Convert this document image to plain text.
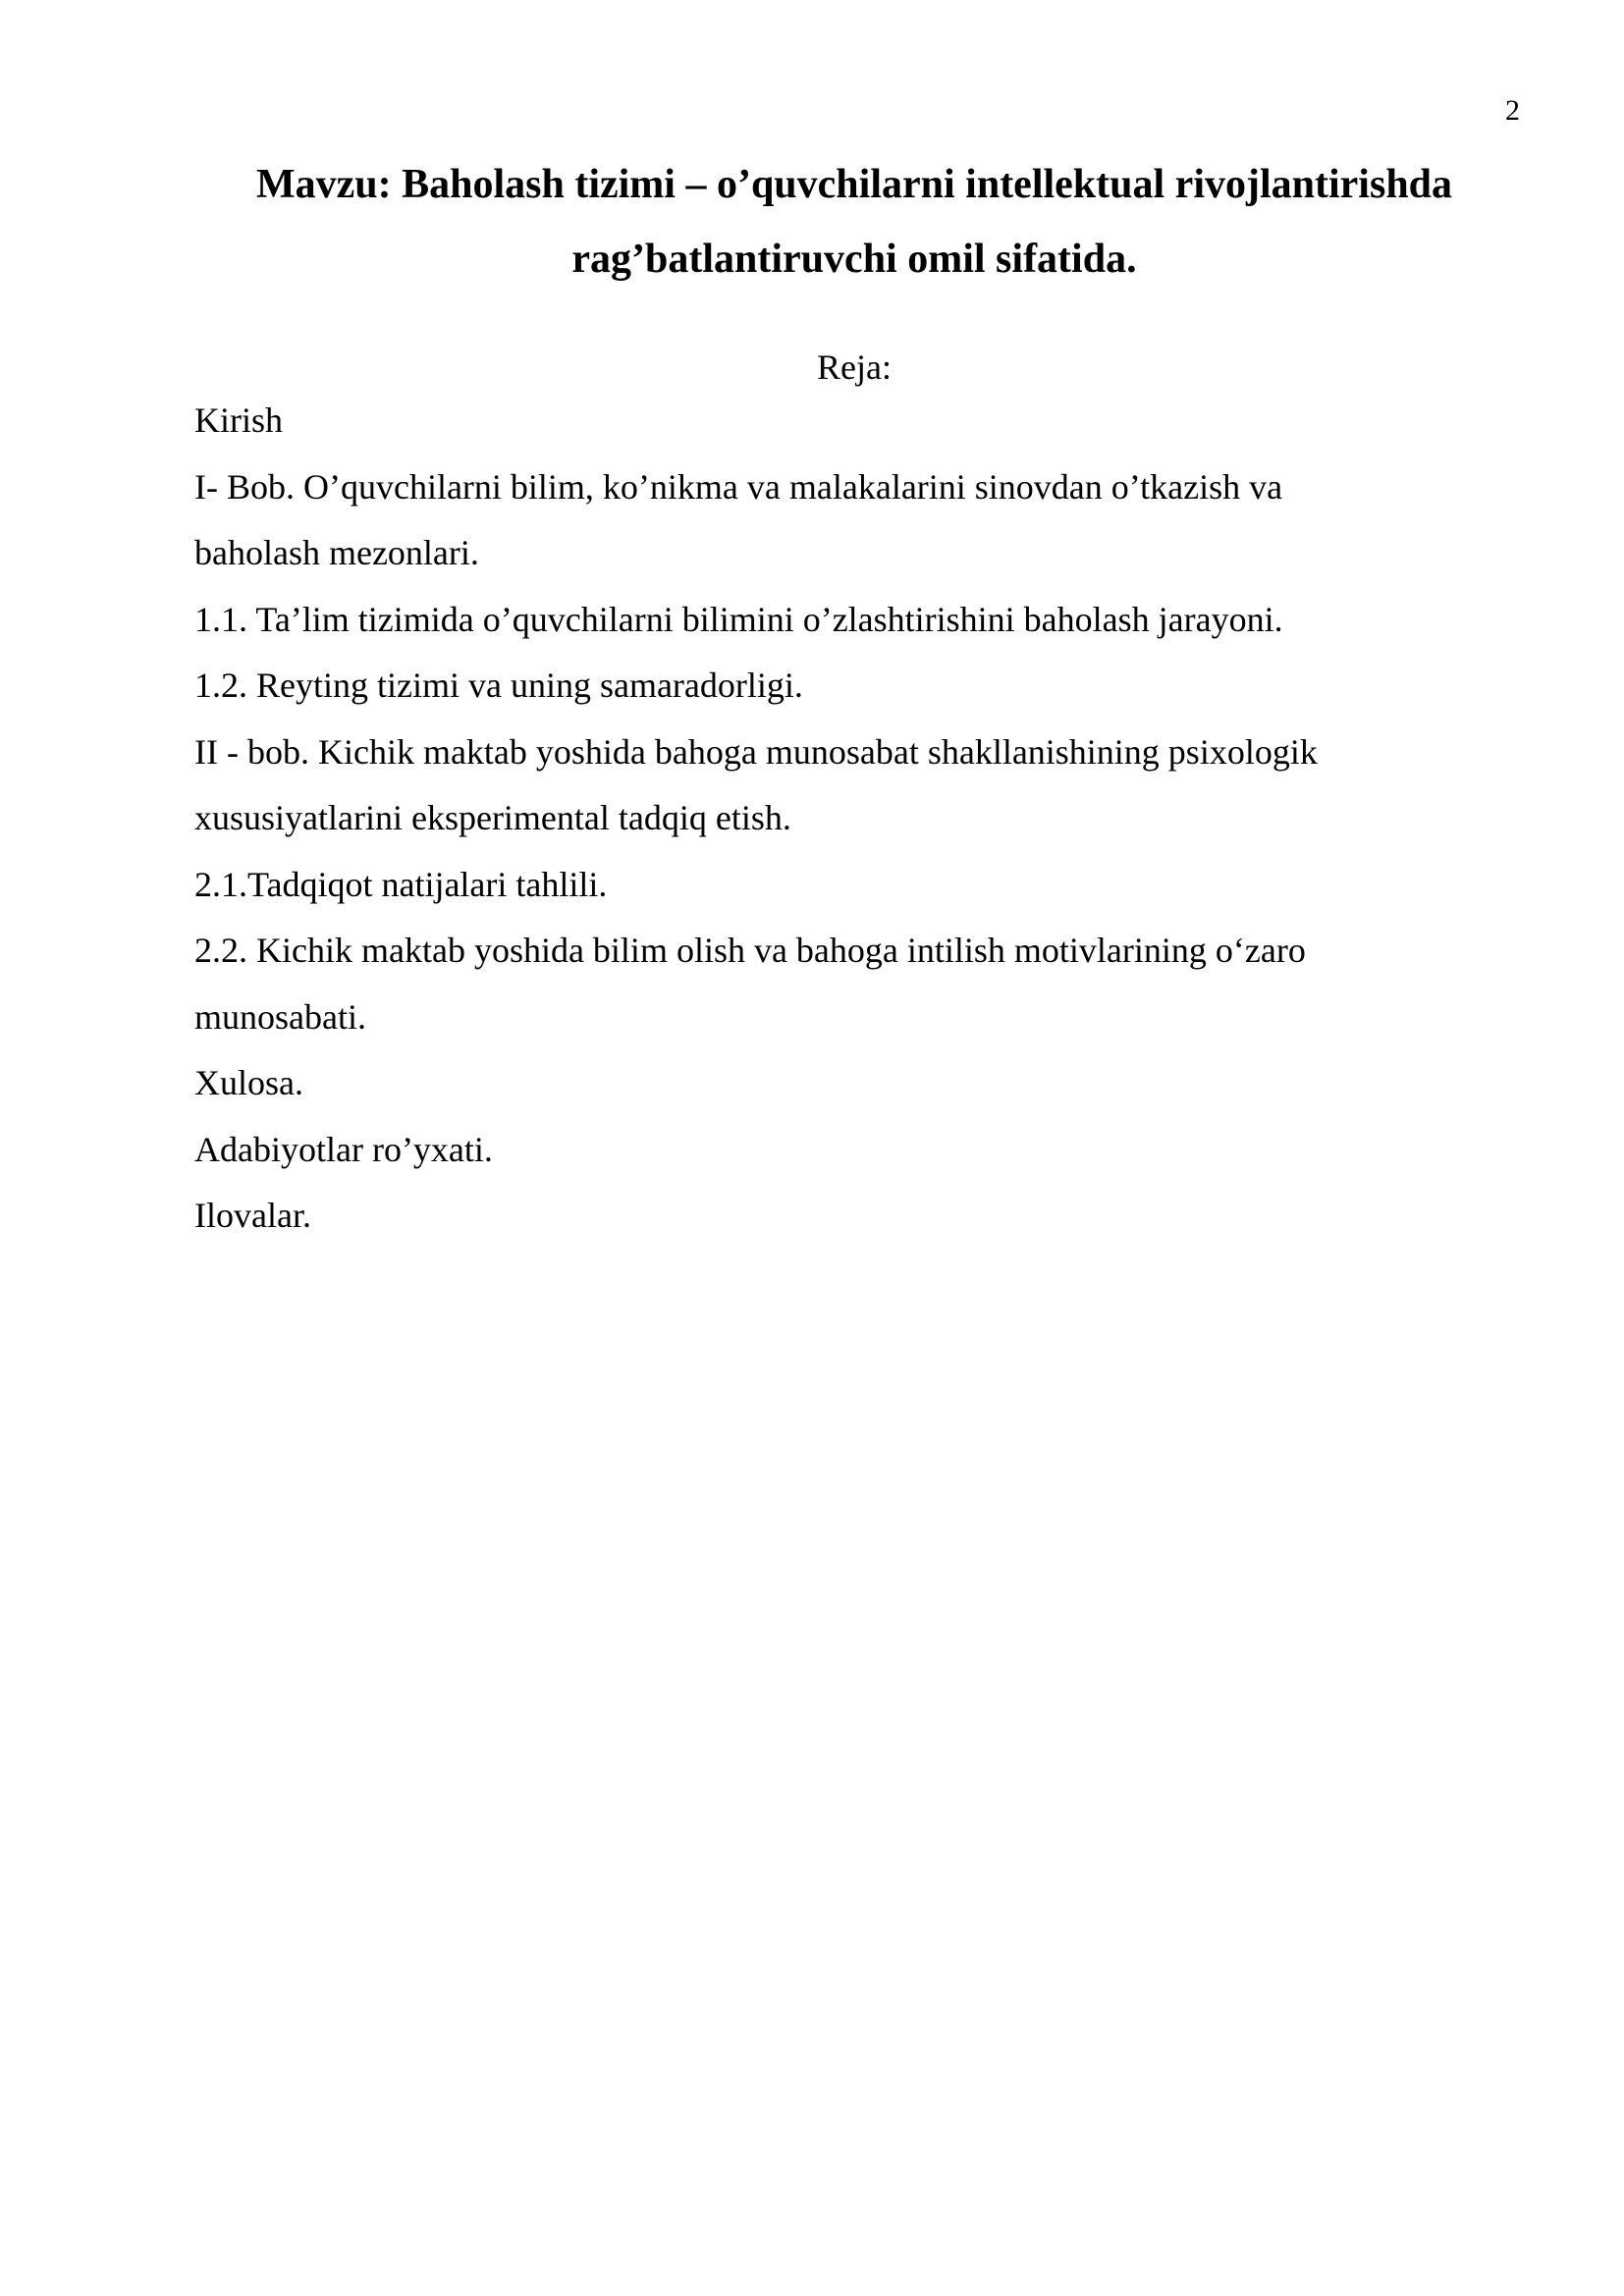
2
Mavzu: Baholash tizimi – o’quvchilarni intellektual rivojlantirishda
rag’batlantiruvchi omil sifatida.
Reja:
Kirish
I- Bob. O’quvchilarni bilim, ko’nikma va malakalarini sinovdan o’tkazish va
baholash mezonlari.
1.1. Ta’lim tizimida o’quvchilarni bilimini o’zlashtirishini baholash jarayoni.
1.2. Reyting tizimi va uning samaradorligi.
II - bob. Kichik maktab yoshida bahoga munosabat shakllanishining psixologik
xususiyatlarini eksperimental tadqiq etish.
2.1.Tadqiqot natijalari tahlili.
2.2. Kichik maktab yoshida bilim olish va bahoga intilish motivlarining o‘zaro
munosabati.
Xulosa.
Adabiyotlar ro’yxati.
Ilovalar.
